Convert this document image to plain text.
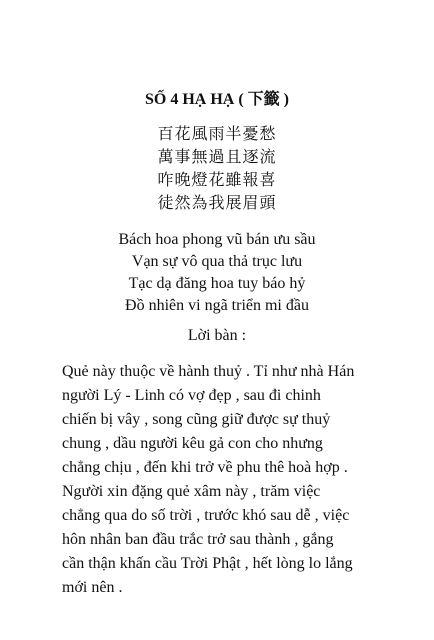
SỐ 4 HẠ HẠ ( 下籤 )
百花風雨半憂愁
萬事無過且逐流
咋晚燈花雖報喜
徒然為我展眉頭
Bách hoa phong vũ bán ưu sầu
Vạn sự vô qua thả trục lưu
Tạc dạ đăng hoa tuy báo hỷ
Đồ nhiên vi ngã triển mi đầu
Lời bàn :

Quẻ này thuộc về hành thuỷ . Tỉ như nhà Hán
người Lý - Linh có vợ đẹp , sau đi chinh
chiến bị vây , song cũng giữ được sự thuỷ
chung , dầu người kêu gả con cho nhưng
chẳng chịu , đến khi trở về phu thê hoà hợp .
Người xin đặng quẻ xâm này , trăm việc
chẳng qua do số trời , trước khó sau dễ , việc
hôn nhân ban đầu trắc trở sau thành , gắng
cần thận khấn cầu Trời Phật , hết lòng lo lắng
mới nên .
